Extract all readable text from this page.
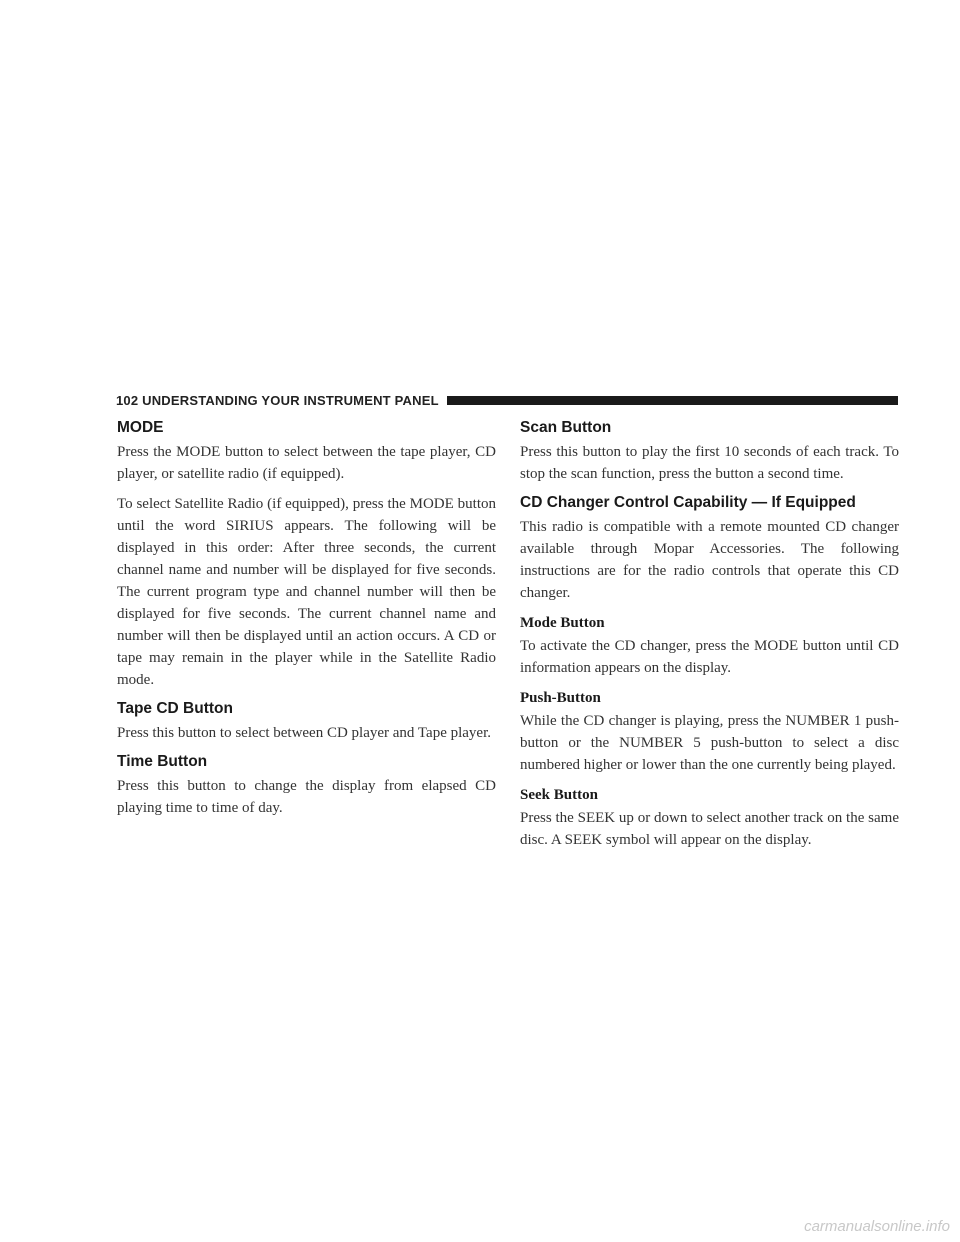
102 UNDERSTANDING YOUR INSTRUMENT PANEL
MODE

Press the MODE button to select between the tape player, CD player, or satellite radio (if equipped).

To select Satellite Radio (if equipped), press the MODE button until the word SIRIUS appears. The following will be displayed in this order: After three seconds, the current channel name and number will be displayed for five seconds. The current program type and channel number will then be displayed for five seconds. The current channel name and number will then be displayed until an action occurs. A CD or tape may remain in the player while in the Satellite Radio mode.

Tape CD Button

Press this button to select between CD player and Tape player.

Time Button

Press this button to change the display from elapsed CD playing time to time of day.

Scan Button

Press this button to play the first 10 seconds of each track. To stop the scan function, press the button a second time.

CD Changer Control Capability — If Equipped

This radio is compatible with a remote mounted CD changer available through Mopar Accessories. The following instructions are for the radio controls that operate this CD changer.

Mode Button

To activate the CD changer, press the MODE button until CD information appears on the display.

Push-Button

While the CD changer is playing, press the NUMBER 1 push-button or the NUMBER 5 push-button to select a disc numbered higher or lower than the one currently being played.

Seek Button

Press the SEEK up or down to select another track on the same disc. A SEEK symbol will appear on the display.

carmanualsonline.info
